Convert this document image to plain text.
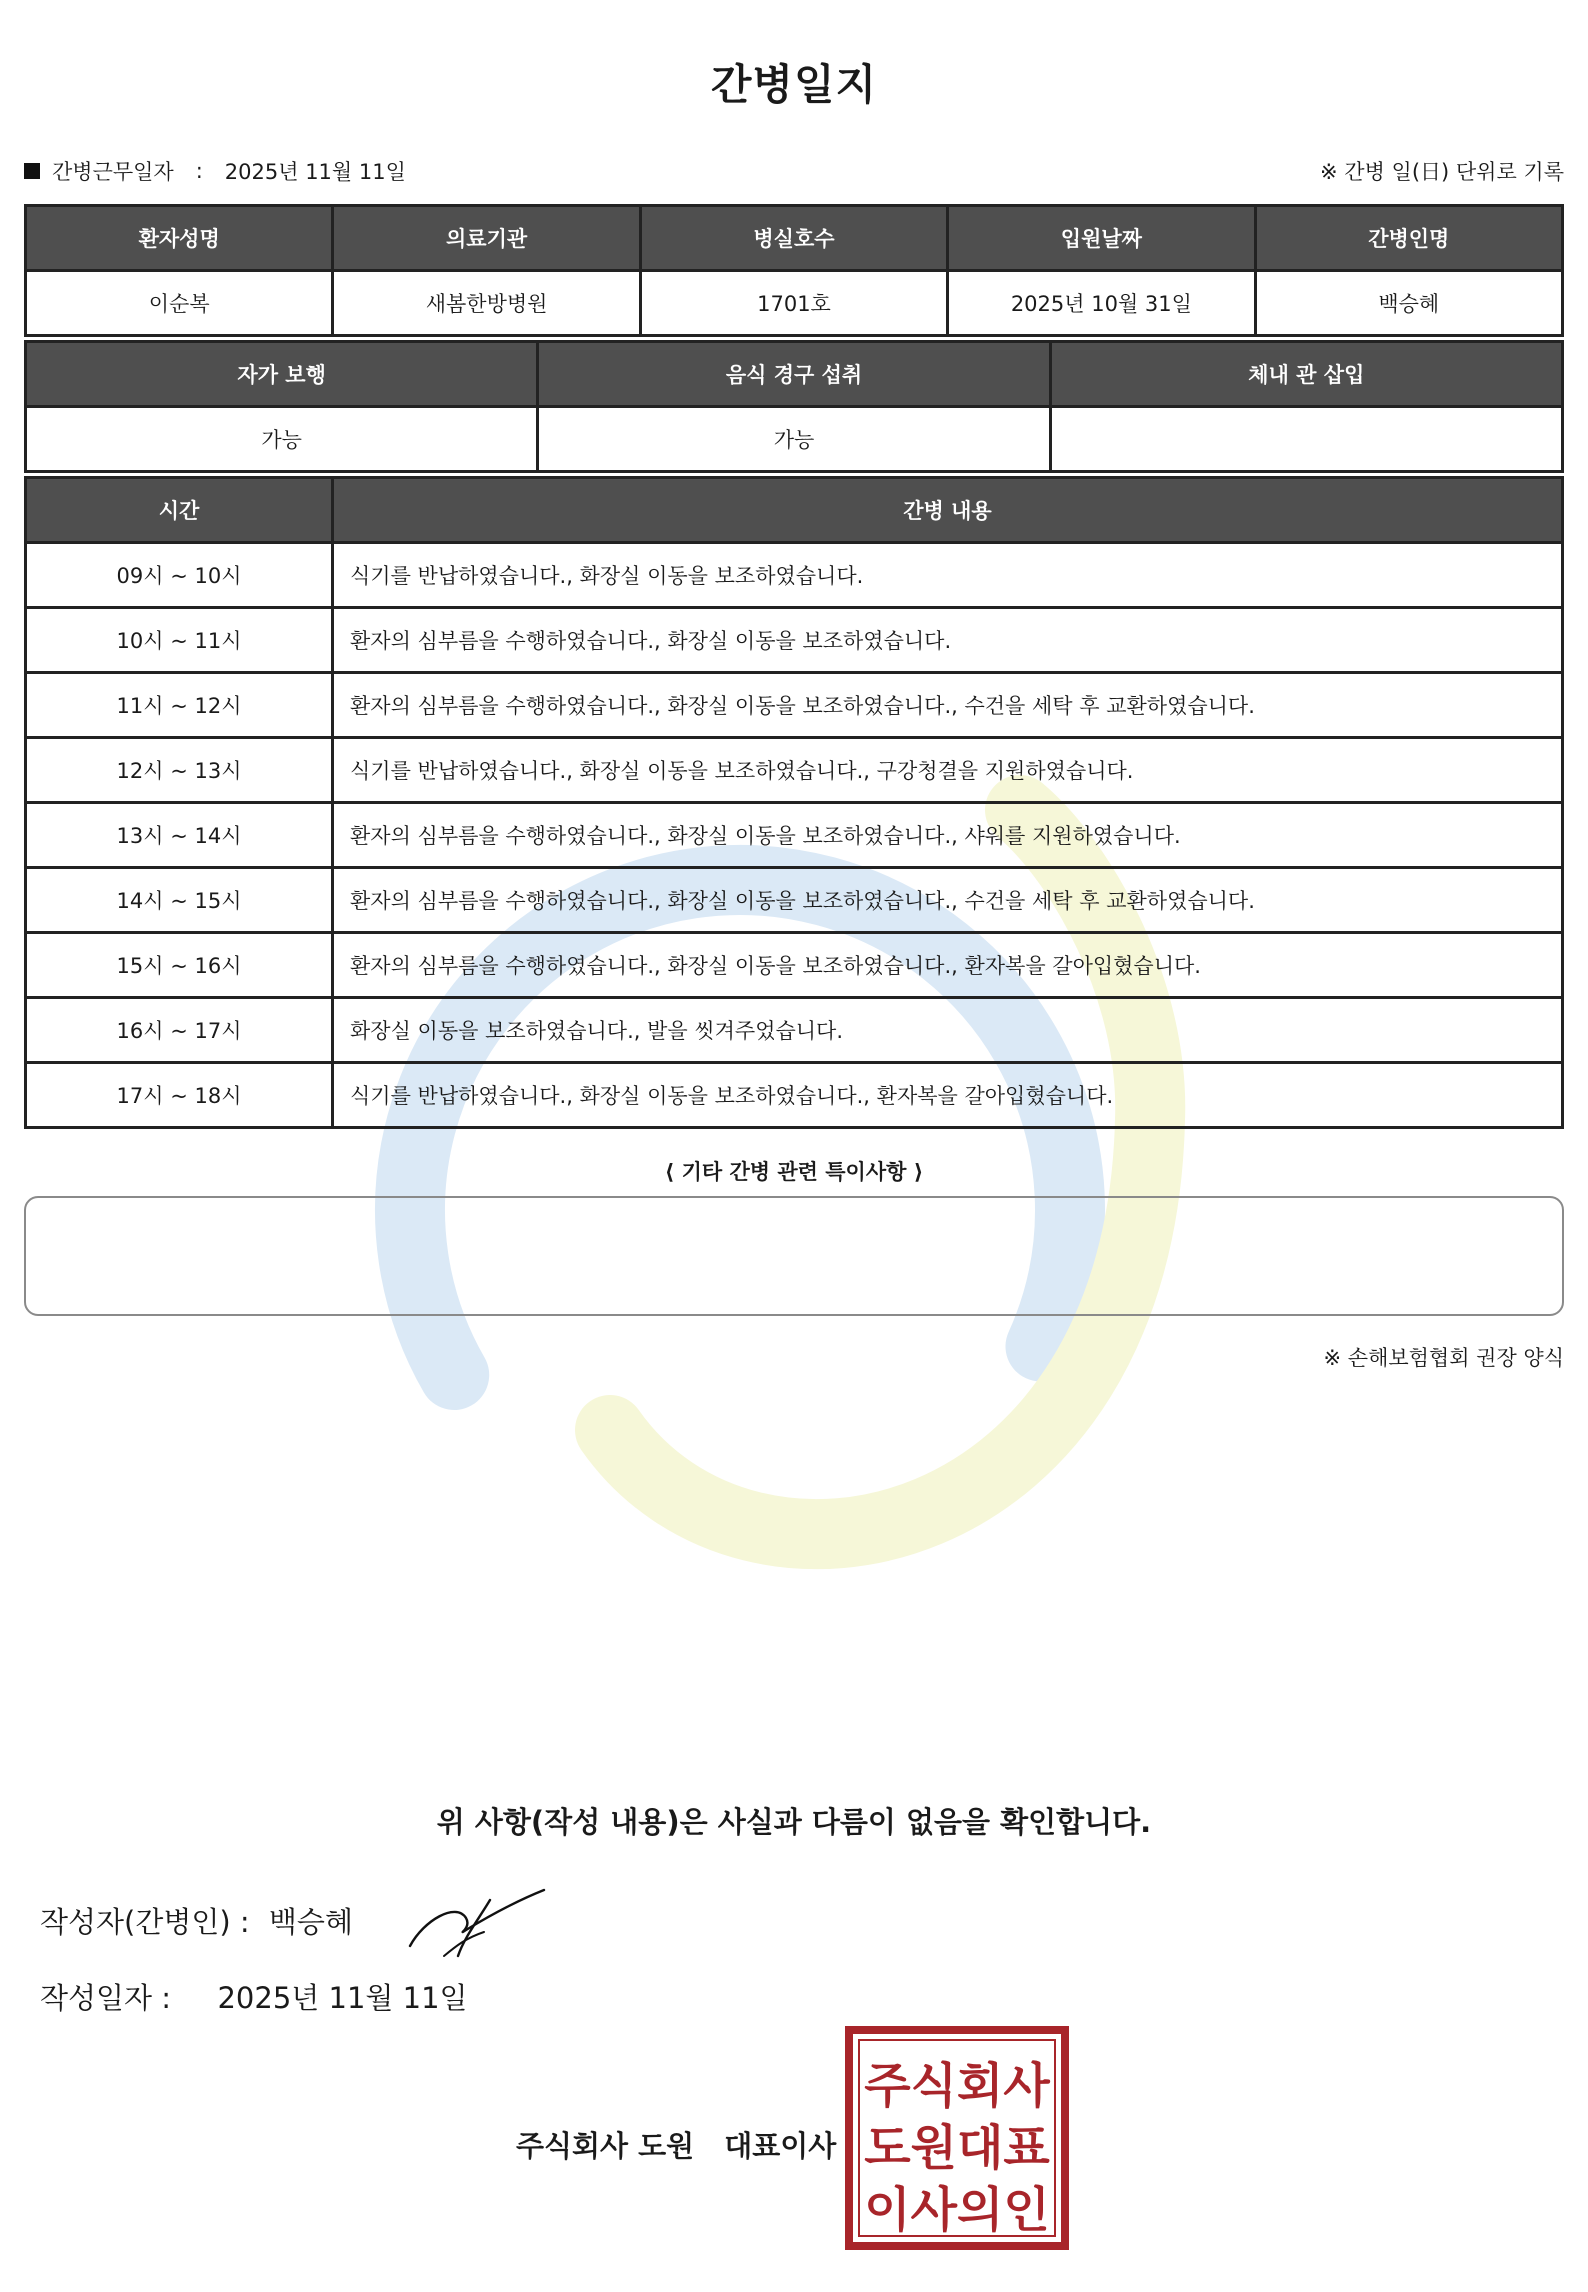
간병일지
간병근무일자 : 2025년 11월 11일	※ 간병 일(日) 단위로 기록
환자성명	의료기관	병실호수	입원날짜	간병인명
이순복	새봄한방병원	1701호	2025년 10월 31일	백승혜
자가 보행	음식 경구 섭취	체내 관 삽입
가능	가능	
시간	간병 내용
09시 ~ 10시	식기를 반납하였습니다., 화장실 이동을 보조하였습니다.
10시 ~ 11시	환자의 심부름을 수행하였습니다., 화장실 이동을 보조하였습니다.
11시 ~ 12시	환자의 심부름을 수행하였습니다., 화장실 이동을 보조하였습니다., 수건을 세탁 후 교환하였습니다.
12시 ~ 13시	식기를 반납하였습니다., 화장실 이동을 보조하였습니다., 구강청결을 지원하였습니다.
13시 ~ 14시	환자의 심부름을 수행하였습니다., 화장실 이동을 보조하였습니다., 샤워를 지원하였습니다.
14시 ~ 15시	환자의 심부름을 수행하였습니다., 화장실 이동을 보조하였습니다., 수건을 세탁 후 교환하였습니다.
15시 ~ 16시	환자의 심부름을 수행하였습니다., 화장실 이동을 보조하였습니다., 환자복을 갈아입혔습니다.
16시 ~ 17시	화장실 이동을 보조하였습니다., 발을 씻겨주었습니다.
17시 ~ 18시	식기를 반납하였습니다., 화장실 이동을 보조하였습니다., 환자복을 갈아입혔습니다.
⟨ 기타 간병 관련 특이사항 ⟩
※ 손해보험협회 권장 양식
위 사항(작성 내용)은 사실과 다름이 없음을 확인합니다.
작성자(간병인) : 백승혜
작성일자 : 2025년 11월 11일
주식회사 도원 대표이사
주식회사
도원대표
이사의인
